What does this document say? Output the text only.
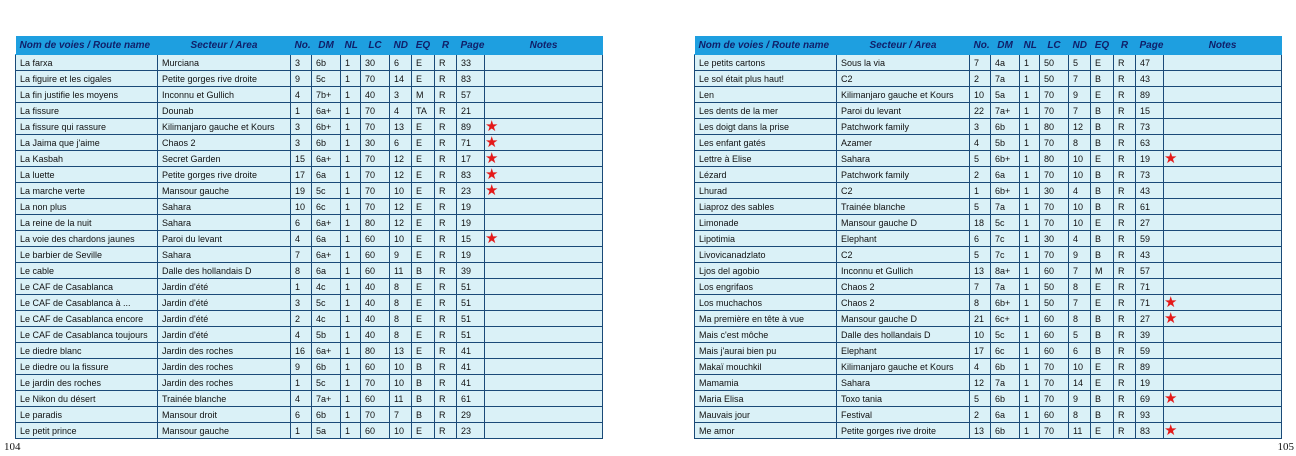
Nom de voies / Route name	Secteur / Area	No.	DM	NL	LC	ND	EQ	R	Page	Notes
La farxa	Murciana	3	6b	1	30	6	E	R	33	
La figuire et les cigales	Petite gorges rive droite	9	5c	1	70	14	E	R	83	
La fin justifie les moyens	Inconnu et Gullich	4	7b+	1	40	3	M	R	57	
La fissure	Dounab	1	6a+	1	70	4	TA	R	21	
La fissure qui rassure	Kilimanjaro gauche et Kours	3	6b+	1	70	13	E	R	89	★
La Jaima que j'aime	Chaos 2	3	6b	1	30	6	E	R	71	★
La Kasbah	Secret Garden	15	6a+	1	70	12	E	R	17	★
La luette	Petite gorges rive droite	17	6a	1	70	12	E	R	83	★
La marche verte	Mansour gauche	19	5c	1	70	10	E	R	23	★
La non plus	Sahara	10	6c	1	70	12	E	R	19	
La reine de la nuit	Sahara	6	6a+	1	80	12	E	R	19	
La voie des chardons jaunes	Paroi du levant	4	6a	1	60	10	E	R	15	★
Le barbier de Seville	Sahara	7	6a+	1	60	9	E	R	19	
Le cable	Dalle des hollandais D	8	6a	1	60	11	B	R	39	
Le CAF de Casablanca	Jardin d'été	1	4c	1	40	8	E	R	51	
Le CAF de Casablanca à ...	Jardin d'été	3	5c	1	40	8	E	R	51	
Le CAF de Casablanca encore	Jardin d'été	2	4c	1	40	8	E	R	51	
Le CAF de Casablanca toujours	Jardin d'été	4	5b	1	40	8	E	R	51	
Le diedre blanc	Jardin des roches	16	6a+	1	80	13	E	R	41	
Le diedre ou la fissure	Jardin des roches	9	6b	1	60	10	B	R	41	
Le jardin des roches	Jardin des roches	1	5c	1	70	10	B	R	41	
Le Nikon du désert	Trainée blanche	4	7a+	1	60	11	B	R	61	
Le paradis	Mansour droit	6	6b	1	70	7	B	R	29	
Le petit prince	Mansour gauche	1	5a	1	60	10	E	R	23	
Nom de voies / Route name	Secteur / Area	No.	DM	NL	LC	ND	EQ	R	Page	Notes
Le petits cartons	Sous la via	7	4a	1	50	5	E	R	47	
Le sol était plus haut!	C2	2	7a	1	50	7	B	R	43	
Len	Kilimanjaro gauche et Kours	10	5a	1	70	9	E	R	89	
Les dents de la mer	Paroi du levant	22	7a+	1	70	7	B	R	15	
Les doigt dans la prise	Patchwork family	3	6b	1	80	12	B	R	73	
Les enfant gatés	Azamer	4	5b	1	70	8	B	R	63	
Lettre à Elise	Sahara	5	6b+	1	80	10	E	R	19	★
Lézard	Patchwork family	2	6a	1	70	10	B	R	73	
Lhurad	C2	1	6b+	1	30	4	B	R	43	
Liaproz des sables	Trainée blanche	5	7a	1	70	10	B	R	61	
Limonade	Mansour gauche D	18	5c	1	70	10	E	R	27	
Lipotimia	Elephant	6	7c	1	30	4	B	R	59	
Livovicanadzlato	C2	5	7c	1	70	9	B	R	43	
Ljos del agobio	Inconnu et Gullich	13	8a+	1	60	7	M	R	57	
Los engrifaos	Chaos 2	7	7a	1	50	8	E	R	71	
Los muchachos	Chaos 2	8	6b+	1	50	7	E	R	71	★
Ma première en tête à vue	Mansour gauche D	21	6c+	1	60	8	B	R	27	★
Mais c'est môche	Dalle des hollandais D	10	5c	1	60	5	B	R	39	
Mais j'aurai bien pu	Elephant	17	6c	1	60	6	B	R	59	
Makaï mouchkil	Kilimanjaro gauche et Kours	4	6b	1	70	10	E	R	89	
Mamamia	Sahara	12	7a	1	70	14	E	R	19	
Maria Elisa	Toxo tania	5	6b	1	70	9	B	R	69	★
Mauvais jour	Festival	2	6a	1	60	8	B	R	93	
Me amor	Petite gorges rive droite	13	6b	1	70	11	E	R	83	★
104	105
